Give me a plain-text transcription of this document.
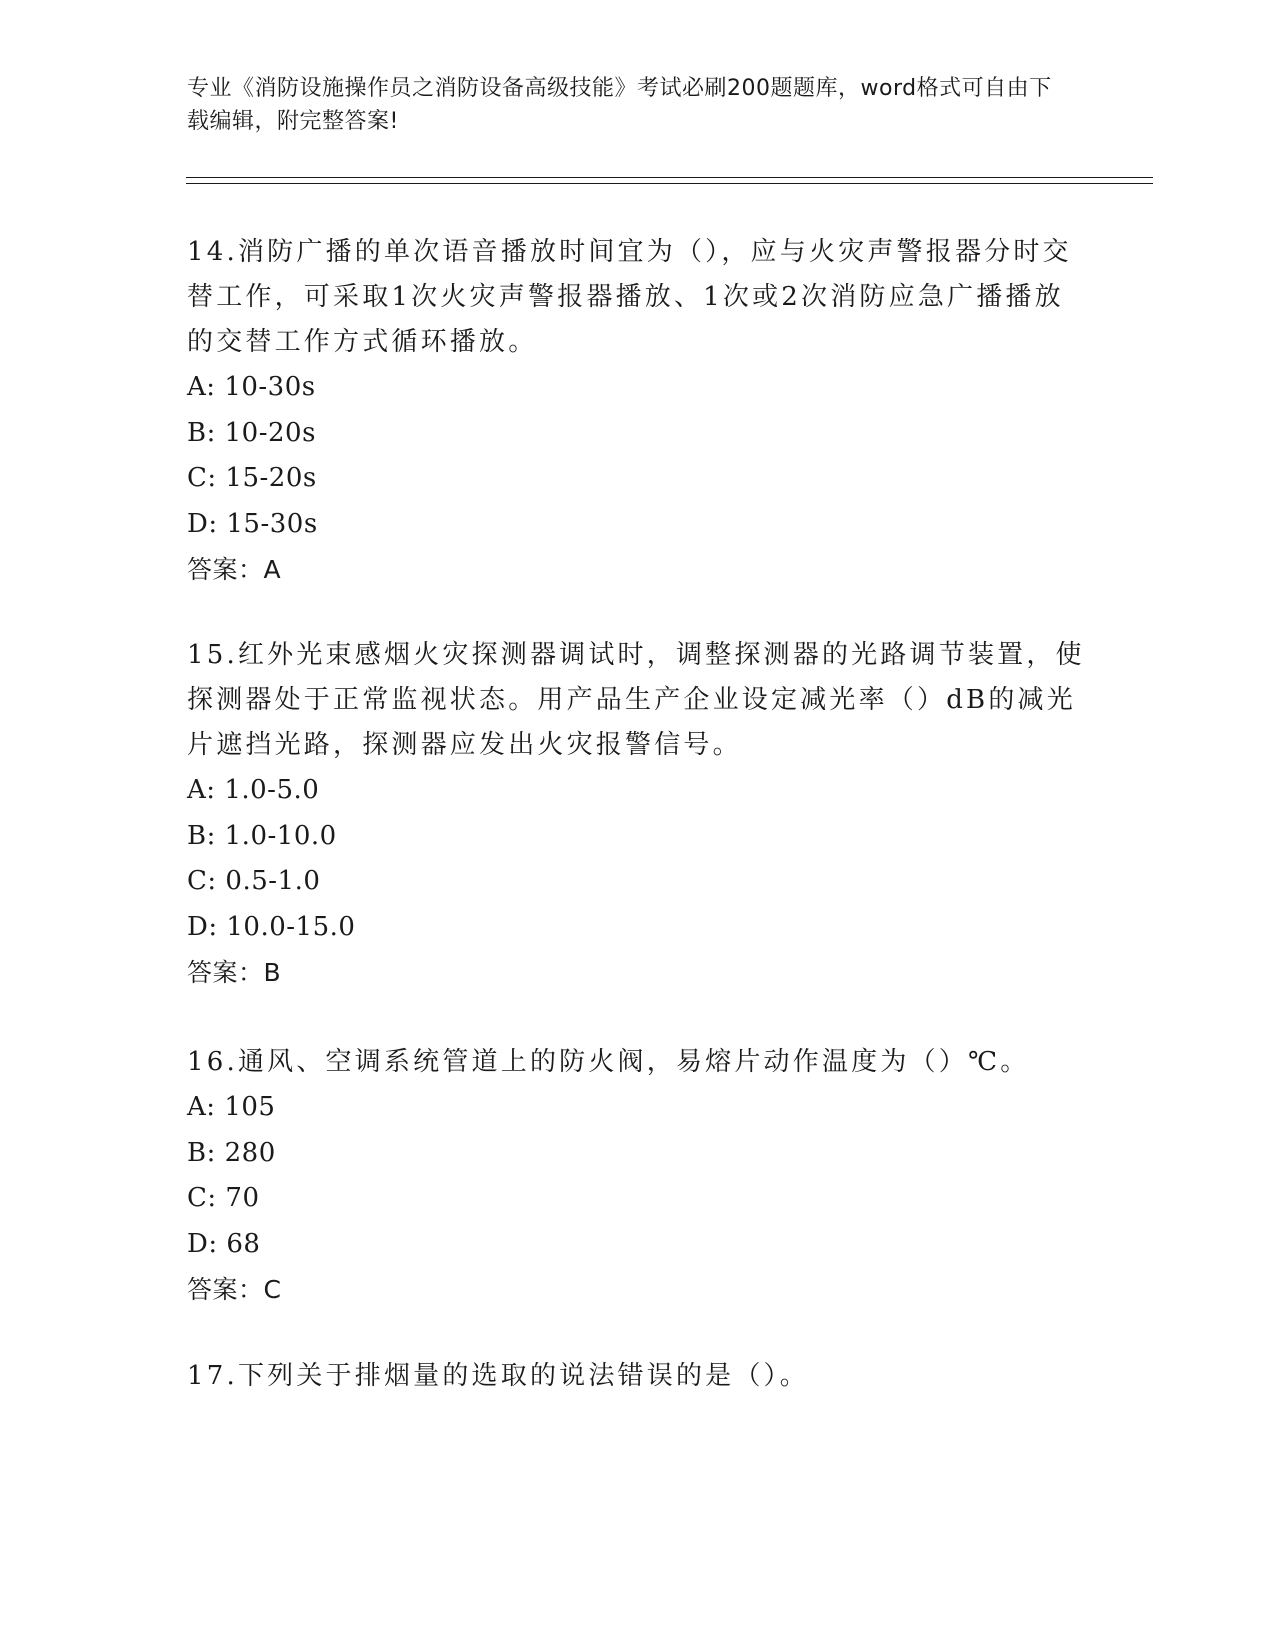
专业《消防设施操作员之消防设备高级技能》考试必刷200题题库，word格式可自由下载编辑，附完整答案!

14.消防广播的单次语音播放时间宜为（），应与火灾声警报器分时交替工作，可采取1次火灾声警报器播放、1次或2次消防应急广播播放的交替工作方式循环播放。

A: 10-30s

B: 10-20s

C: 15-20s

D: 15-30s

答案：A

15.红外光束感烟火灾探测器调试时，调整探测器的光路调节装置，使探测器处于正常监视状态。用产品生产企业设定减光率（）dB的减光片遮挡光路，探测器应发出火灾报警信号。

A: 1.0-5.0

B: 1.0-10.0

C: 0.5-1.0

D: 10.0-15.0

答案：B

16.通风、空调系统管道上的防火阀，易熔片动作温度为（）℃。

A: 105

B: 280

C: 70

D: 68

答案：C

17.下列关于排烟量的选取的说法错误的是（）。
